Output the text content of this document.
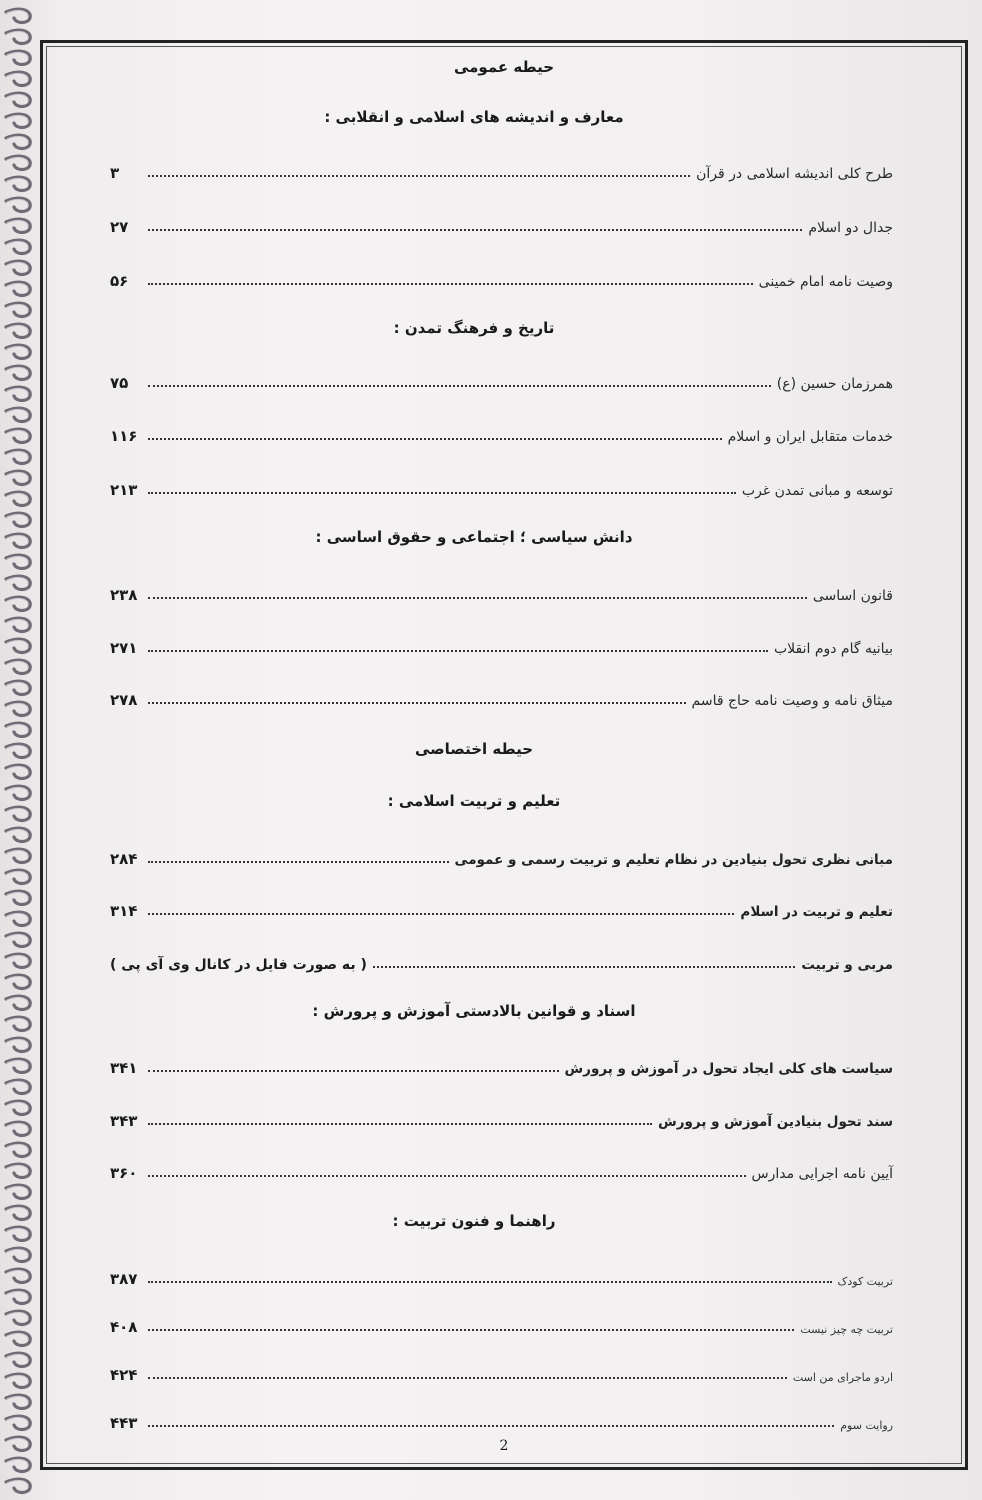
حیطه عمومی
معارف و اندیشه های اسلامی و انقلابی :
طرح کلی اندیشه اسلامی در قرآن
۳
جدال دو اسلام
۲۷
وصیت نامه امام خمینی
۵۶
تاریخ و فرهنگ تمدن :
همرزمان حسین (ع)
۷۵
خدمات متقابل ایران و اسلام
۱۱۶
توسعه و مبانی تمدن غرب
۲۱۳
دانش سیاسی ؛ اجتماعی و حقوق اساسی :
قانون اساسی
۲۳۸
بیانیه گام دوم انقلاب
۲۷۱
میثاق نامه و وصیت نامه حاج قاسم
۲۷۸
حیطه اختصاصی
تعلیم و تربیت اسلامی :
مبانی نظری تحول بنیادین در نظام تعلیم و تربیت رسمی و عمومی
۲۸۴
تعلیم و تربیت در اسلام
۳۱۴
مربی و تربیت
( به صورت فایل در کانال وی آی پی )
اسناد و قوانین بالادستی آموزش و پرورش :
سیاست های کلی ایجاد تحول در آموزش و پرورش
۳۴۱
سند تحول بنیادین آموزش و پرورش
۳۴۳
آیین نامه اجرایی مدارس
۳۶۰
راهنما و فنون تربیت :
تربیت کودک
۳۸۷
تربیت چه چیز نیست
۴۰۸
اردو ماجرای من است
۴۲۴
روایت سوم
۴۴۳
2
